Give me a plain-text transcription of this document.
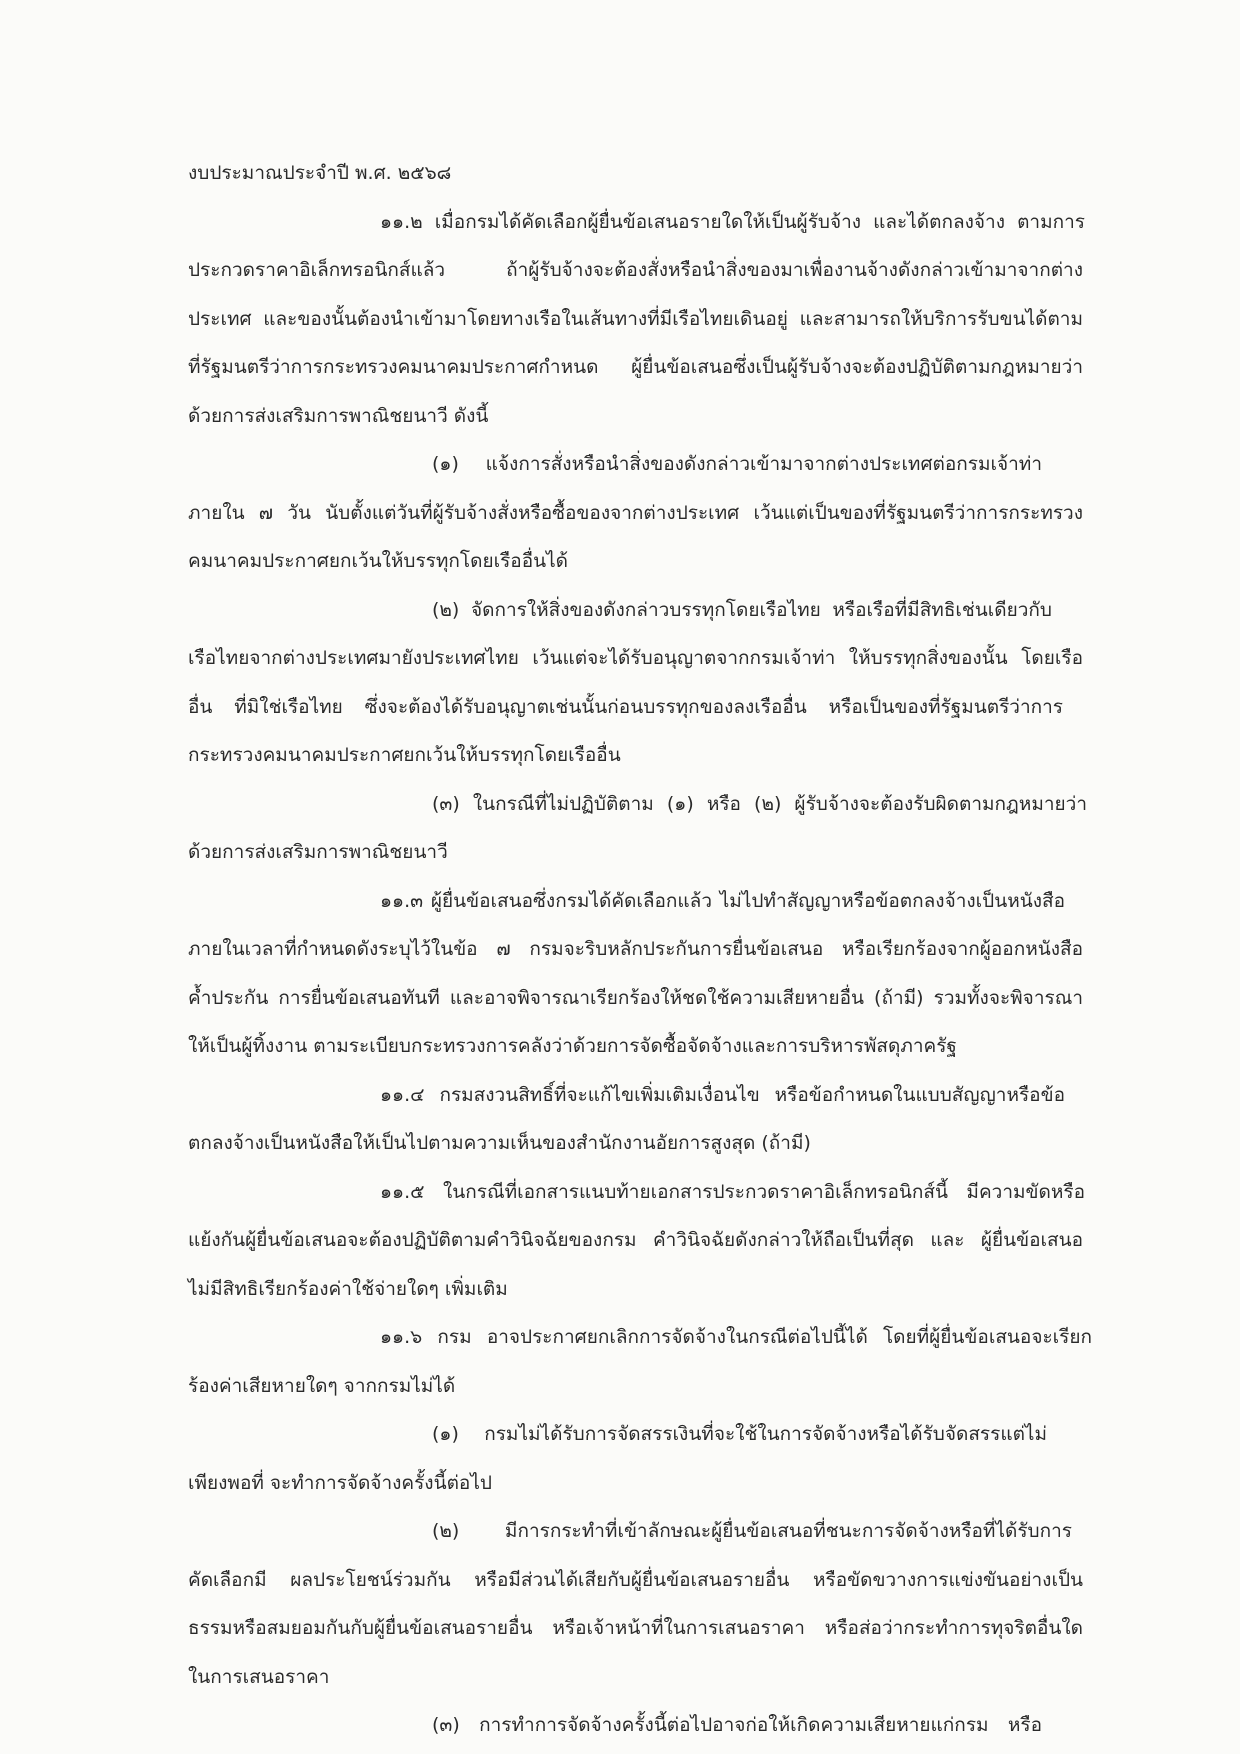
งบประมาณประจำปี พ.ศ. ๒๕๖๘
๑๑.๒ เมื่อกรมได้คัดเลือกผู้ยื่นข้อเสนอรายใดให้เป็นผู้รับจ้าง และได้ตกลงจ้าง ตามการ
ประกวดราคาอิเล็กทรอนิกส์แล้ว ถ้าผู้รับจ้างจะต้องสั่งหรือนำสิ่งของมาเพื่องานจ้างดังกล่าวเข้ามาจากต่าง
ประเทศ และของนั้นต้องนำเข้ามาโดยทางเรือในเส้นทางที่มีเรือไทยเดินอยู่ และสามารถให้บริการรับขนได้ตาม
ที่รัฐมนตรีว่าการกระทรวงคมนาคมประกาศกำหนด ผู้ยื่นข้อเสนอซึ่งเป็นผู้รับจ้างจะต้องปฏิบัติตามกฎหมายว่า
ด้วยการส่งเสริมการพาณิชยนาวี ดังนี้
(๑) แจ้งการสั่งหรือนำสิ่งของดังกล่าวเข้ามาจากต่างประเทศต่อกรมเจ้าท่า
ภายใน ๗ วัน นับตั้งแต่วันที่ผู้รับจ้างสั่งหรือซื้อของจากต่างประเทศ เว้นแต่เป็นของที่รัฐมนตรีว่าการกระทรวง
คมนาคมประกาศยกเว้นให้บรรทุกโดยเรืออื่นได้
(๒) จัดการให้สิ่งของดังกล่าวบรรทุกโดยเรือไทย หรือเรือที่มีสิทธิเช่นเดียวกับ
เรือไทยจากต่างประเทศมายังประเทศไทย เว้นแต่จะได้รับอนุญาตจากกรมเจ้าท่า ให้บรรทุกสิ่งของนั้น โดยเรือ
อื่น ที่มิใช่เรือไทย ซึ่งจะต้องได้รับอนุญาตเช่นนั้นก่อนบรรทุกของลงเรืออื่น หรือเป็นของที่รัฐมนตรีว่าการ
กระทรวงคมนาคมประกาศยกเว้นให้บรรทุกโดยเรืออื่น
(๓) ในกรณีที่ไม่ปฏิบัติตาม (๑) หรือ (๒) ผู้รับจ้างจะต้องรับผิดตามกฎหมายว่า
ด้วยการส่งเสริมการพาณิชยนาวี
๑๑.๓ ผู้ยื่นข้อเสนอซึ่งกรมได้คัดเลือกแล้ว ไม่ไปทำสัญญาหรือข้อตกลงจ้างเป็นหนังสือ
ภายในเวลาที่กำหนดดังระบุไว้ในข้อ ๗ กรมจะริบหลักประกันการยื่นข้อเสนอ หรือเรียกร้องจากผู้ออกหนังสือ
ค้ำประกัน การยื่นข้อเสนอทันที และอาจพิจารณาเรียกร้องให้ชดใช้ความเสียหายอื่น (ถ้ามี) รวมทั้งจะพิจารณา
ให้เป็นผู้ทิ้งงาน ตามระเบียบกระทรวงการคลังว่าด้วยการจัดซื้อจัดจ้างและการบริหารพัสดุภาครัฐ
๑๑.๔ กรมสงวนสิทธิ์ที่จะแก้ไขเพิ่มเติมเงื่อนไข หรือข้อกำหนดในแบบสัญญาหรือข้อ
ตกลงจ้างเป็นหนังสือให้เป็นไปตามความเห็นของสำนักงานอัยการสูงสุด (ถ้ามี)
๑๑.๕ ในกรณีที่เอกสารแนบท้ายเอกสารประกวดราคาอิเล็กทรอนิกส์นี้ มีความขัดหรือ
แย้งกันผู้ยื่นข้อเสนอจะต้องปฏิบัติตามคำวินิจฉัยของกรม คำวินิจฉัยดังกล่าวให้ถือเป็นที่สุด และ ผู้ยื่นข้อเสนอ
ไม่มีสิทธิเรียกร้องค่าใช้จ่ายใดๆ เพิ่มเติม
๑๑.๖ กรม อาจประกาศยกเลิกการจัดจ้างในกรณีต่อไปนี้ได้ โดยที่ผู้ยื่นข้อเสนอจะเรียก
ร้องค่าเสียหายใดๆ จากกรมไม่ได้
(๑) กรมไม่ได้รับการจัดสรรเงินที่จะใช้ในการจัดจ้างหรือได้รับจัดสรรแต่ไม่
เพียงพอที่ จะทำการจัดจ้างครั้งนี้ต่อไป
(๒) มีการกระทำที่เข้าลักษณะผู้ยื่นข้อเสนอที่ชนะการจัดจ้างหรือที่ได้รับการ
คัดเลือกมี ผลประโยชน์ร่วมกัน หรือมีส่วนได้เสียกับผู้ยื่นข้อเสนอรายอื่น หรือขัดขวางการแข่งขันอย่างเป็น
ธรรมหรือสมยอมกันกับผู้ยื่นข้อเสนอรายอื่น หรือเจ้าหน้าที่ในการเสนอราคา หรือส่อว่ากระทำการทุจริตอื่นใด
ในการเสนอราคา
(๓) การทำการจัดจ้างครั้งนี้ต่อไปอาจก่อให้เกิดความเสียหายแก่กรม หรือ
